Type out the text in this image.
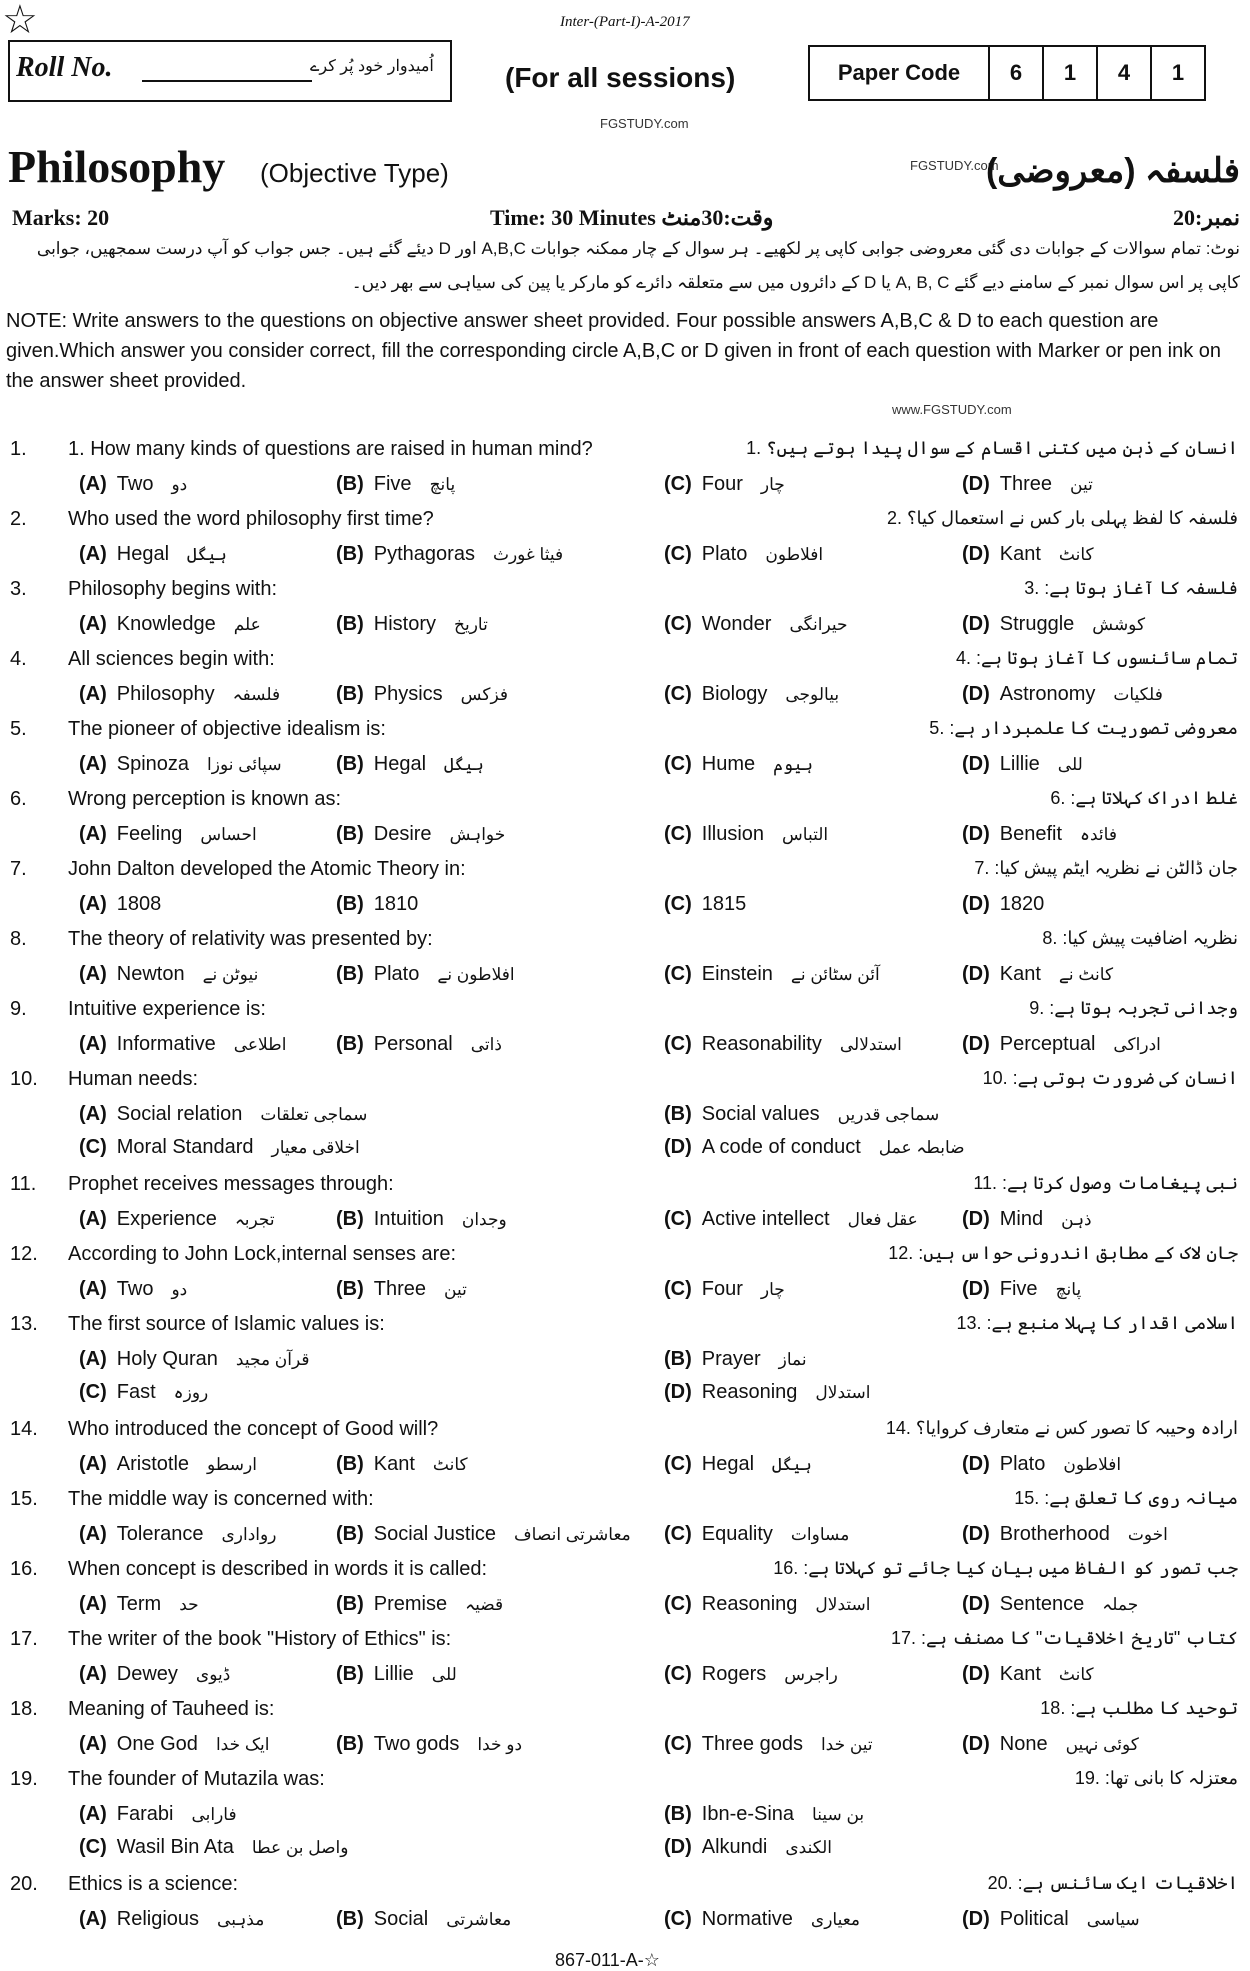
☆	Inter-(Part-I)-A-2017
Roll No.	اُمیدوار خود پُر کرے	(For all sessions)	Paper Code	6	1	4	1
FGSTUDY.com
Philosophy (Objective Type)	FGSTUDY.com
فلسفہ (معروضی)
Marks: 20	Time: 30 Minutes وقت:30منٹ	نمبر:20
نوٹ: تمام سوالات کے جوابات دی گئی معروضی جوابی کاپی پر لکھیے۔ ہر سوال کے چار ممکنہ جوابات A,B,C اور D دیئے گئے ہیں۔ جس جواب کو آپ درست سمجھیں، جوابی کاپی پر اس سوال نمبر کے سامنے دیے گئے A, B, C یا D کے دائروں میں سے متعلقہ دائرے کو مارکر یا پین کی سیاہی سے بھر دیں۔
NOTE: Write answers to the questions on objective answer sheet provided. Four possible answers A,B,C & D to each question are given.Which answer you consider correct, fill the corresponding circle A,B,C or D given in front of each question with Marker or pen ink on the answer sheet provided.
www.FGSTUDY.com
1. 1. How many kinds of questions are raised in human mind?	انسان کے ذہن میں کتنی اقسام کے سوال پیدا ہوتے ہیں؟ .1
(A) Two دو	(B) Five پانچ	(C) Four چار	(D) Three تین
2. Who used the word philosophy first time?	فلسفہ کا لفظ پہلی بار کس نے استعمال کیا؟ .2
(A) Hegal ہیگل	(B) Pythagoras فیثا غورث	(C) Plato افلاطون	(D) Kant کانٹ
3. Philosophy begins with:	فلسفہ کا آغاز ہوتا ہے: .3
(A) Knowledge علم	(B) History تاریخ	(C) Wonder حیرانگی	(D) Struggle کوشش
4. All sciences begin with:	تمام سائنسوں کا آغاز ہوتا ہے: .4
(A) Philosophy فلسفہ	(B) Physics فزکس	(C) Biology بیالوجی	(D) Astronomy فلکیات
5. The pioneer of objective idealism is:	معروضی تصوریت کا علمبردار ہے: .5
(A) Spinoza سپائی نوزا	(B) Hegal ہیگل	(C) Hume ہیوم	(D) Lillie للی
6. Wrong perception is known as:	غلط ادراک کہلاتا ہے: .6
(A) Feeling احساس	(B) Desire خواہش	(C) Illusion التباس	(D) Benefit فائدہ
7. John Dalton developed the Atomic Theory in:	جان ڈالٹن نے نظریہ ایٹم پیش کیا: .7
(A) 1808	(B) 1810	(C) 1815	(D) 1820
8. The theory of relativity was presented by:	نظریہ اضافیت پیش کیا: .8
(A) Newton نیوٹن نے	(B) Plato افلاطون نے	(C) Einstein آئن سٹائن نے	(D) Kant کانٹ نے
9. Intuitive experience is:	وجدانی تجربہ ہوتا ہے: .9
(A) Informative اطلاعی (B) Personal ذاتی	(C) Reasonability استدلالی	(D) Perceptual ادراکی
10. Human needs:	انسان کی ضرورت ہوتی ہے: .10
(A) Social relation سماجی تعلقات	(B) Social values سماجی قدریں
(C) Moral Standard اخلاقی معیار	(D) A code of conduct ضابطہ عمل
11. Prophet receives messages through:	نبی پیغامات وصول کرتا ہے: .11
(A) Experience تجربہ	(B) Intuition وجدان	(C) Active intellect عقل فعال (D) Mind ذہن
12. According to John Lock,internal senses are:	جان لاک کے مطابق اندرونی حواس ہیں: .12
(A) Two دو	(B) Three تین	(C) Four چار	(D) Five پانچ
13. The first source of Islamic values is:	اسلامی اقدار کا پہلا منبع ہے: .13
(A) Holy Quran قرآن مجید	(B) Prayer نماز
(C) Fast روزہ	(D) Reasoning استدلال
14. Who introduced the concept of Good will?	ارادہ وحیبہ کا تصور کس نے متعارف کروایا؟ .14
(A) Aristotle ارسطو	(B) Kant کانٹ	(C) Hegal ہیگل	(D) Plato افلاطون
15. The middle way is concerned with:	میانہ روی کا تعلق ہے: .15
(A) Tolerance رواداری	(B) Social Justice معاشرتی انصاف (C) Equality مساوات	(D) Brotherhood اخوت
16. When concept is described in words it is called:	جب تصور کو الفاظ میں بیان کیا جائے تو کہلاتا ہے: .16
(A) Term حد	(B) Premise قضیہ	(C) Reasoning استدلال	(D) Sentence جملہ
17. The writer of the book "History of Ethics" is:	کتاب "تاریخ اخلاقیات" کا مصنف ہے: .17
(A) Dewey ڈیوی	(B) Lillie للی	(C) Rogers راجرس	(D) Kant کانٹ
18. Meaning of Tauheed is:	توحید کا مطلب ہے: .18
(A) One God ایک خدا	(B) Two gods دو خدا	(C) Three gods تین خدا	(D) None کوئی نہیں
19. The founder of Mutazila was:	معتزلہ کا بانی تھا: .19
(A) Farabi فارابی	(B) Ibn-e-Sina بن سینا
(C) Wasil Bin Ata واصل بن عطا	(D) Alkundi الکندی
20. Ethics is a science:	اخلاقیات ایک سائنس ہے: .20
(A) Religious مذہبی	(B) Social معاشرتی	(C) Normative معیاری	(D) Political سیاسی
867-011-A-☆
